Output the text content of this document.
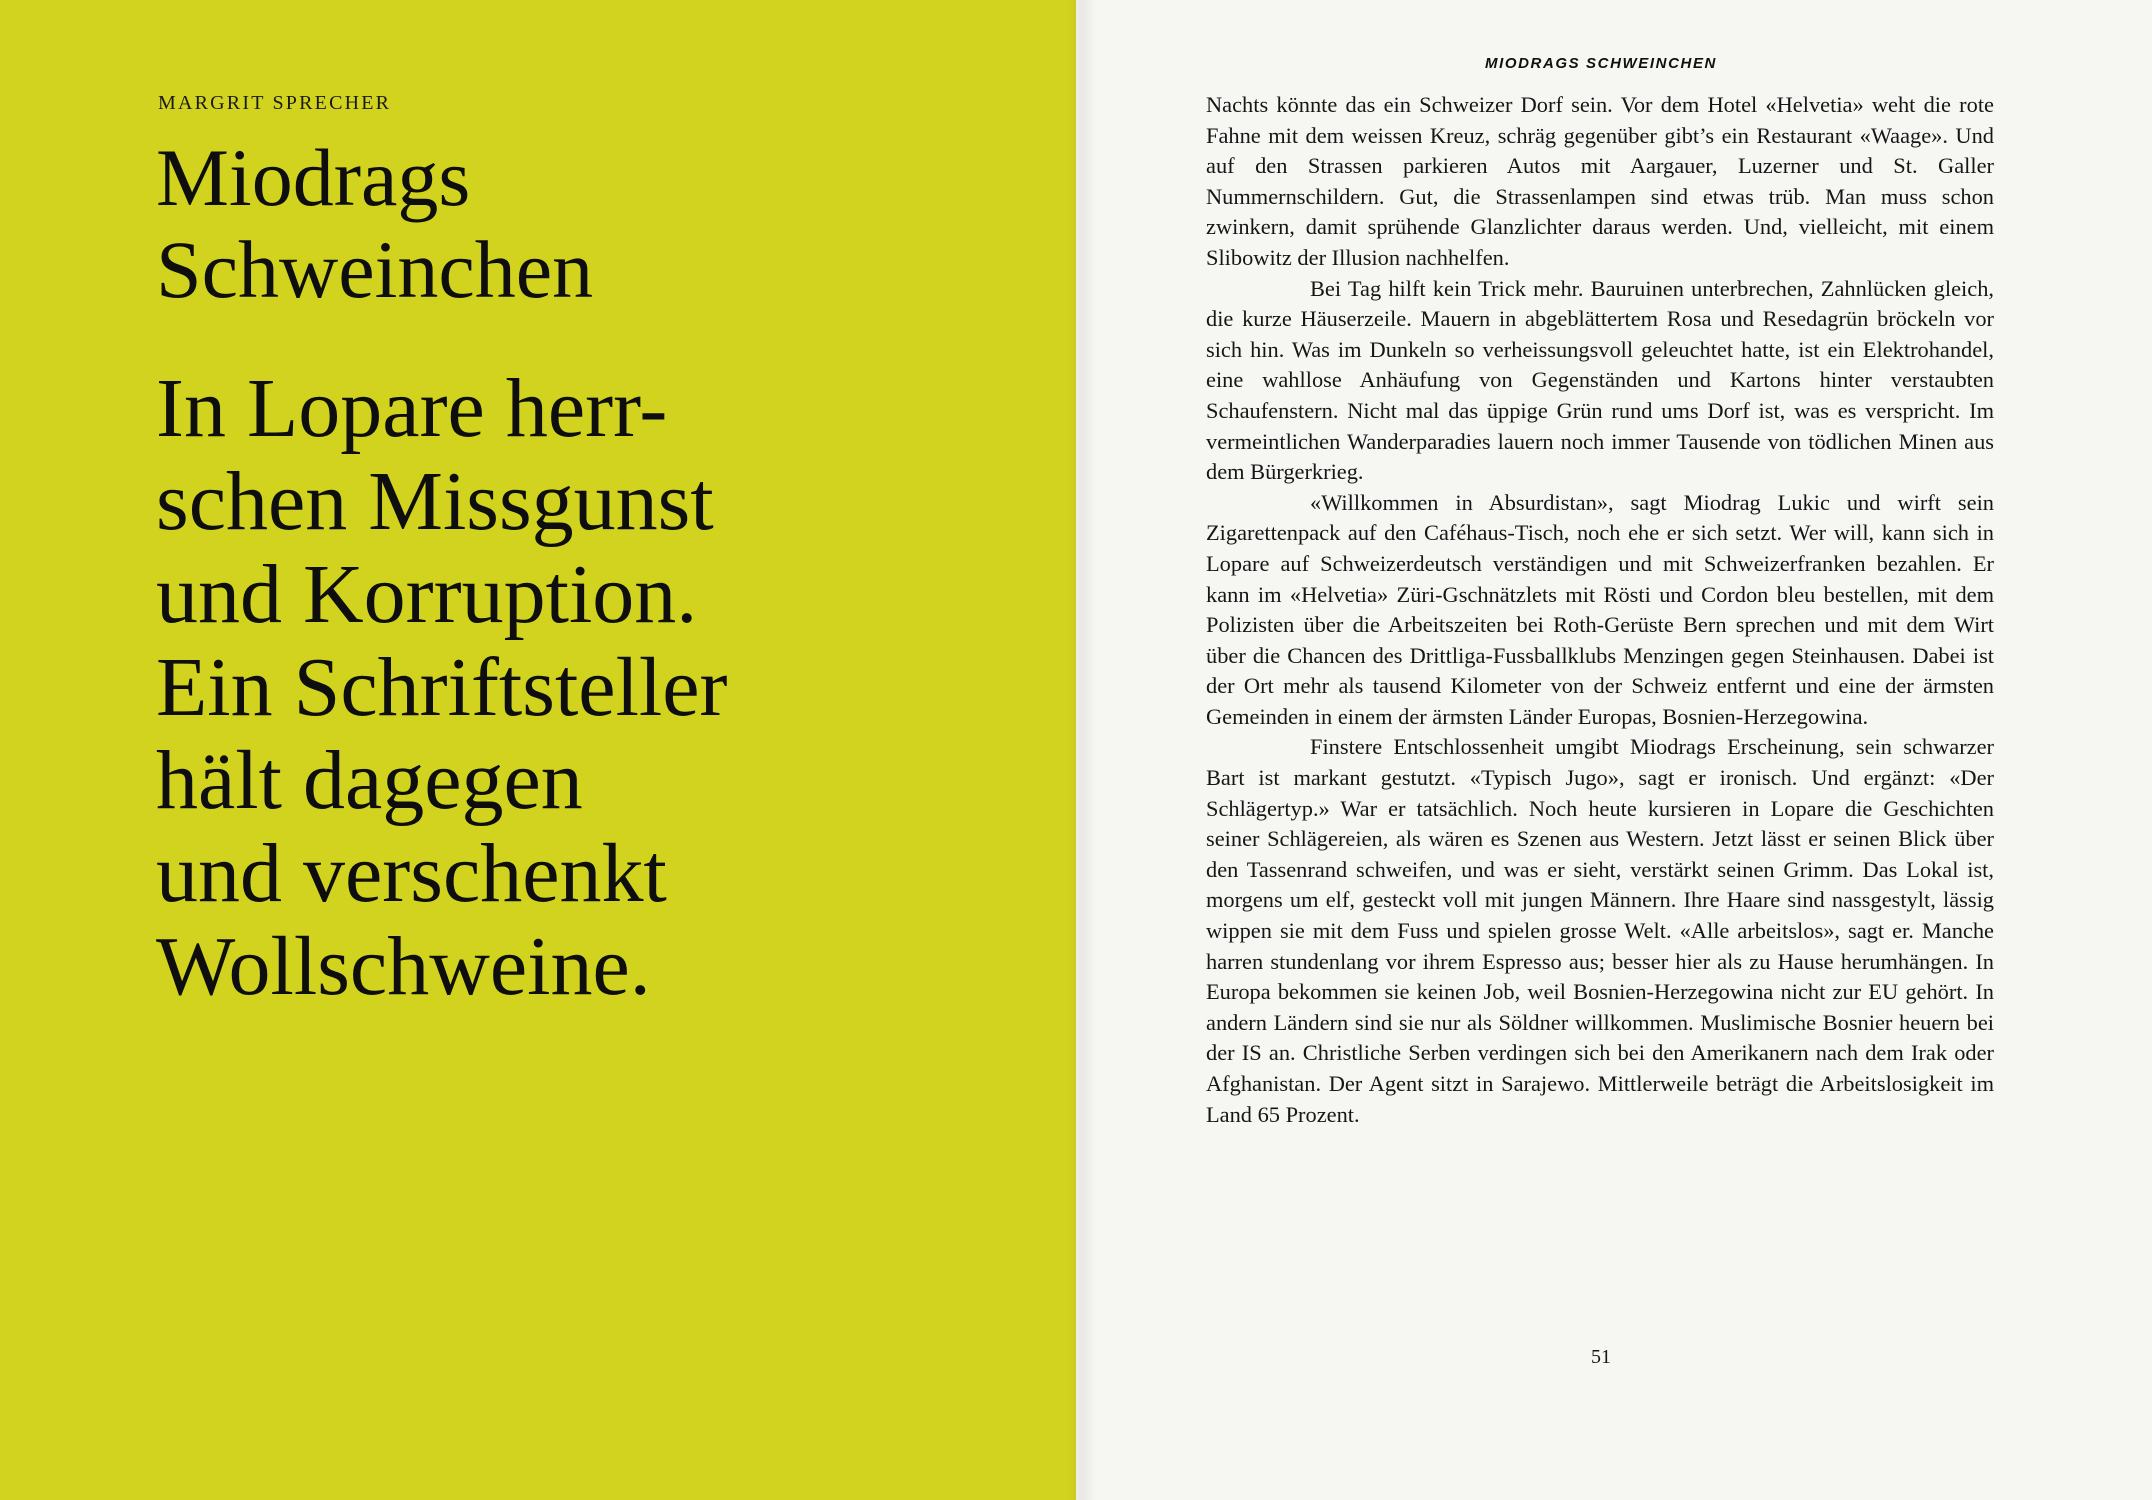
MARGRIT SPRECHER
Miodrags
Schweinchen
In Lopare herr-
schen Missgunst
und Korruption.
Ein Schriftsteller
hält dagegen
und verschenkt
Wollschweine.
MIODRAGS SCHWEINCHEN

Nachts könnte das ein Schweizer Dorf sein. Vor dem Hotel «Helvetia» weht die rote Fahne mit dem weissen Kreuz, schräg gegenüber gibt’s ein Restaurant «Waage». Und auf den Strassen parkieren Autos mit Aargauer, Luzerner und St. Galler Nummernschildern. Gut, die Strassenlampen sind etwas trüb. Man muss schon zwinkern, damit sprühende Glanzlichter daraus werden. Und, vielleicht, mit einem Slibowitz der Illusion nachhelfen.

Bei Tag hilft kein Trick mehr. Bauruinen unterbrechen, Zahnlücken gleich, die kurze Häuserzeile. Mauern in abgeblättertem Rosa und Resedagrün bröckeln vor sich hin. Was im Dunkeln so verheissungsvoll geleuchtet hatte, ist ein Elektrohandel, eine wahllose Anhäufung von Gegenständen und Kartons hinter verstaubten Schaufenstern. Nicht mal das üppige Grün rund ums Dorf ist, was es verspricht. Im vermeintlichen Wanderparadies lauern noch immer Tausende von tödlichen Minen aus dem Bürgerkrieg.

«Willkommen in Absurdistan», sagt Miodrag Lukic und wirft sein Zigarettenpack auf den Caféhaus-Tisch, noch ehe er sich setzt. Wer will, kann sich in Lopare auf Schweizerdeutsch verständigen und mit Schweizerfranken bezahlen. Er kann im «Helvetia» Züri-Gschnätzlets mit Rösti und Cordon bleu bestellen, mit dem Polizisten über die Arbeitszeiten bei Roth-Gerüste Bern sprechen und mit dem Wirt über die Chancen des Drittliga-Fussballklubs Menzingen gegen Steinhausen. Dabei ist der Ort mehr als tausend Kilometer von der Schweiz entfernt und eine der ärmsten Gemeinden in einem der ärmsten Länder Europas, Bosnien-Herzegowina.

Finstere Entschlossenheit umgibt Miodrags Erscheinung, sein schwarzer Bart ist markant gestutzt. «Typisch Jugo», sagt er ironisch. Und ergänzt: «Der Schlägertyp.» War er tatsächlich. Noch heute kursieren in Lopare die Geschichten seiner Schlägereien, als wären es Szenen aus Western. Jetzt lässt er seinen Blick über den Tassenrand schweifen, und was er sieht, verstärkt seinen Grimm. Das Lokal ist, morgens um elf, gesteckt voll mit jungen Männern. Ihre Haare sind nassgestylt, lässig wippen sie mit dem Fuss und spielen grosse Welt. «Alle arbeitslos», sagt er. Manche harren stundenlang vor ihrem Espresso aus; besser hier als zu Hause herumhängen. In Europa bekommen sie keinen Job, weil Bosnien-Herzegowina nicht zur EU gehört. In andern Ländern sind sie nur als Söldner willkommen. Muslimische Bosnier heuern bei der IS an. Christliche Serben verdingen sich bei den Amerikanern nach dem Irak oder Afghanistan. Der Agent sitzt in Sarajewo. Mittlerweile beträgt die Arbeitslosigkeit im Land 65 Prozent.

51
